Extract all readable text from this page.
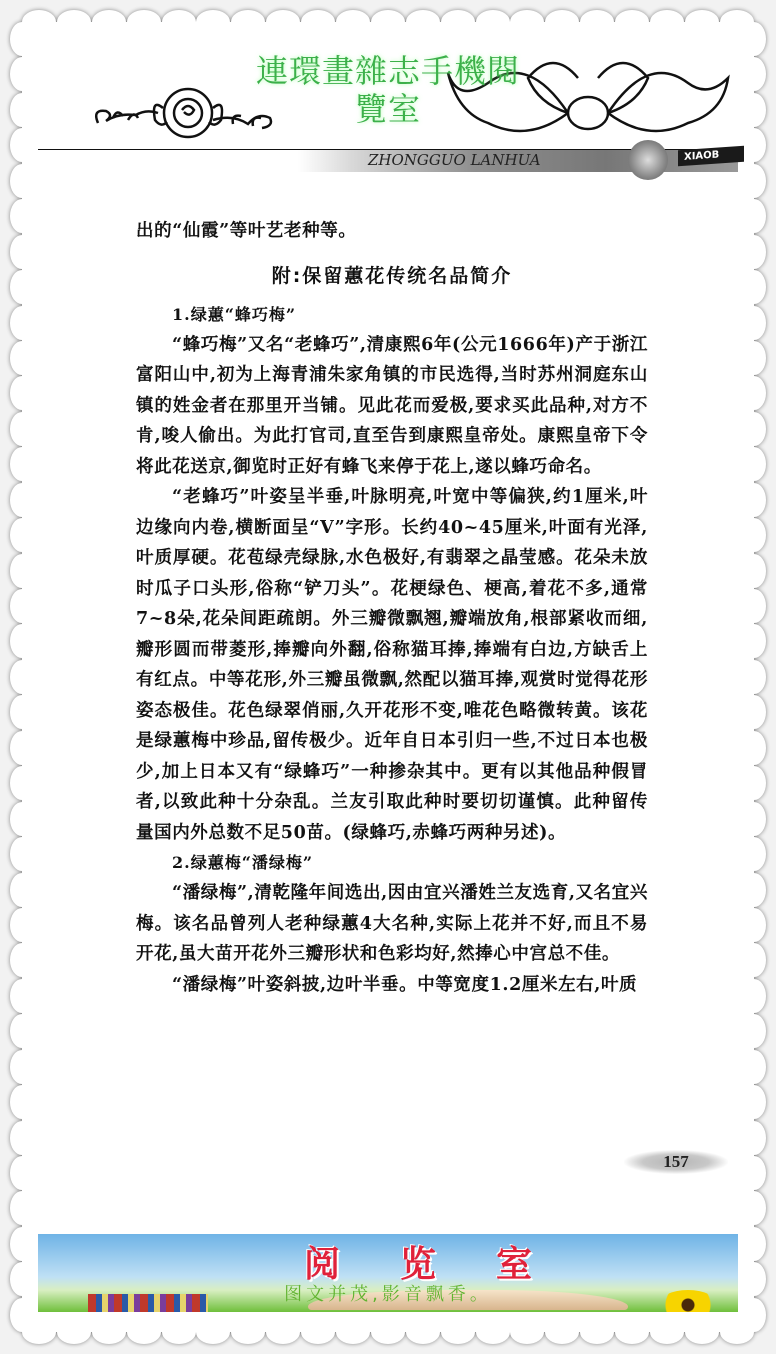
連環畫雜志手機閱
覽室
ZHONGGUO LANHUA	XIAOB

出的“仙霞”等叶艺老种等。

附:保留蕙花传统名品简介

1.绿蕙“蜂巧梅”

“蜂巧梅”又名“老蜂巧”,清康熙6年(公元1666年)产于浙江富阳山中,初为上海青浦朱家角镇的市民选得,当时苏州洞庭东山镇的姓金者在那里开当铺。见此花而爱极,要求买此品种,对方不肯,唆人偷出。为此打官司,直至告到康熙皇帝处。康熙皇帝下令将此花送京,御览时正好有蜂飞来停于花上,遂以蜂巧命名。

“老蜂巧”叶姿呈半垂,叶脉明亮,叶宽中等偏狭,约1厘米,叶边缘向内卷,横断面呈“V”字形。长约40~45厘米,叶面有光泽,叶质厚硬。花苞绿壳绿脉,水色极好,有翡翠之晶莹感。花朵未放时瓜子口头形,俗称“铲刀头”。花梗绿色、梗高,着花不多,通常7~8朵,花朵间距疏朗。外三瓣微飘翘,瓣端放角,根部紧收而细,瓣形圆而带菱形,捧瓣向外翻,俗称猫耳捧,捧端有白边,方缺舌上有红点。中等花形,外三瓣虽微飘,然配以猫耳捧,观赏时觉得花形姿态极佳。花色绿翠俏丽,久开花形不变,唯花色略微转黄。该花是绿蕙梅中珍品,留传极少。近年自日本引归一些,不过日本也极少,加上日本又有“绿蜂巧”一种掺杂其中。更有以其他品种假冒者,以致此种十分杂乱。兰友引取此种时要切切谨慎。此种留传量国内外总数不足50苗。(绿蜂巧,赤蜂巧两种另述)。

2.绿蕙梅“潘绿梅”

“潘绿梅”,清乾隆年间选出,因由宜兴潘姓兰友选育,又名宜兴梅。该名品曾列人老种绿蕙4大名种,实际上花并不好,而且不易开花,虽大苗开花外三瓣形状和色彩均好,然捧心中宫总不佳。

“潘绿梅”叶姿斜披,边叶半垂。中等宽度1.2厘米左右,叶质

157
阅览室
图文并茂,影音飘香。
